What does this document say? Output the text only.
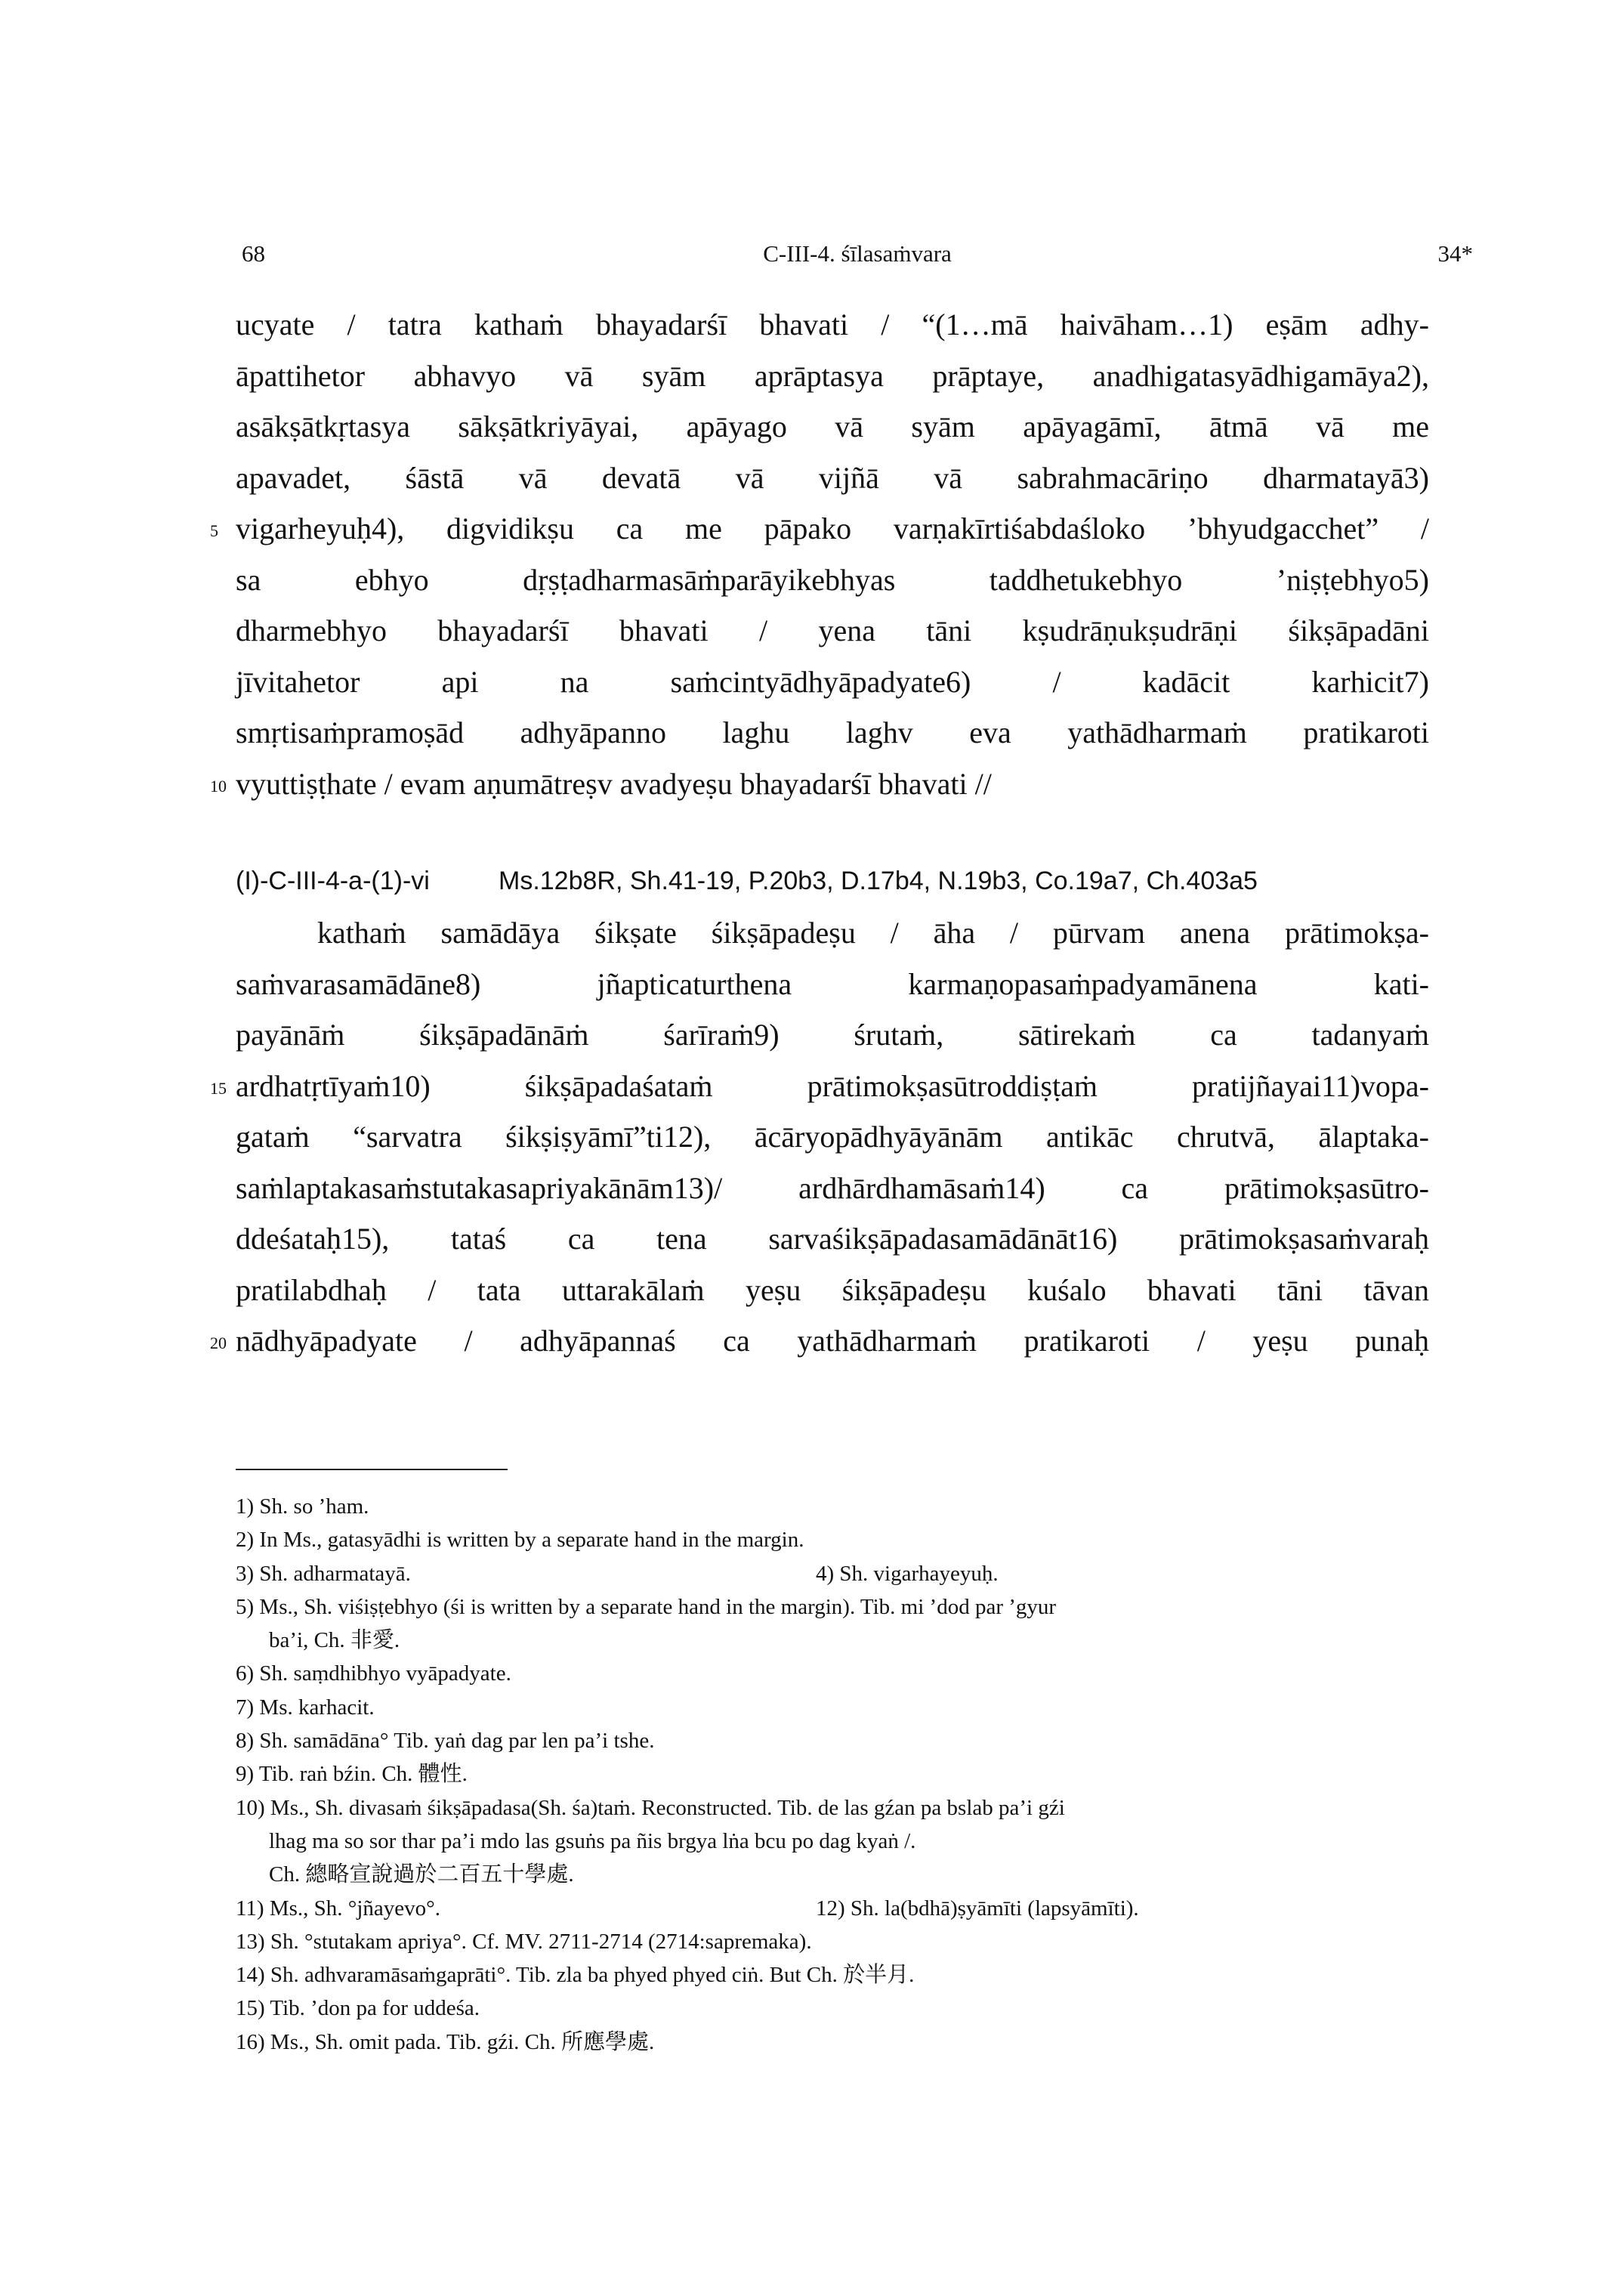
68	C-III-4. śīlasaṁvara	34*
ucyate / tatra kathaṁ bhayadarśī bhavati / “(1…mā haivāham…1) eṣām adhy-
āpattihetor abhavyo vā syām aprāptasya prāptaye, anadhigatasyādhigamāya2),
asākṣātkṛtasya sākṣātkriyāyai, apāyago vā syām apāyagāmī, ātmā vā me
apavadet, śāstā vā devatā vā vijñā vā sabrahmacāriṇo dharmatayā3)
5 vigarheyuḥ4), digvidikṣu ca me pāpako varṇakīrtiśabdaśloko ’bhyudgacchet” /
sa ebhyo dṛṣṭadharmasāṁparāyikebhyas taddhetukebhyo ’niṣṭebhyo5)
dharmebhyo bhayadarśī bhavati / yena tāni kṣudrāṇukṣudrāṇi śikṣāpadāni
jīvitahetor api na saṁcintyādhyāpadyate6) / kadācit karhicit7)
smṛtisaṁpramoṣād adhyāpanno laghu laghv eva yathādharmaṁ pratikaroti
10 vyuttiṣṭhate / evam aṇumātreṣv avadyeṣu bhayadarśī bhavati //
(I)-C-III-4-a-(1)-vi	Ms.12b8R, Sh.41-19, P.20b3, D.17b4, N.19b3, Co.19a7, Ch.403a5
kathaṁ samādāya śikṣate śikṣāpadeṣu / āha / pūrvam anena prātimokṣa-
saṁvarasamādāne8) jñapticaturthena karmaṇopasaṁpadyamānena kati-
payānāṁ śikṣāpadānāṁ śarīraṁ9) śrutaṁ, sātirekaṁ ca tadanyaṁ
15 ardhatṛtīyaṁ10) śikṣāpadaśataṁ prātimokṣasūtroddiṣṭaṁ pratijñayai11)vopa-
gataṁ “sarvatra śikṣiṣyāmī”ti12), ācāryopādhyāyānām antikāc chrutvā, ālaptaka-
saṁlaptakasaṁstutakasapriyakānām13)/ ardhārdhamāsaṁ14) ca prātimokṣasūtro-
ddeśataḥ15), tataś ca tena sarvaśikṣāpadasamādānāt16) prātimokṣasaṁvaraḥ
pratilabdhaḥ / tata uttarakālaṁ yeṣu śikṣāpadeṣu kuśalo bhavati tāni tāvan
20 nādhyāpadyate / adhyāpannaś ca yathādharmaṁ pratikaroti / yeṣu punaḥ
1) Sh. so ’ham.
2) In Ms., gatasyādhi is written by a separate hand in the margin.
3) Sh. adharmatayā.	4) Sh. vigarhayeyuḥ.
5) Ms., Sh. viśiṣṭebhyo (śi is written by a separate hand in the margin). Tib. mi ’dod par ’gyur
ba’i, Ch. 非愛.
6) Sh. saṃdhibhyo vyāpadyate.
7) Ms. karhacit.
8) Sh. samādāna° Tib. yaṅ dag par len pa’i tshe.
9) Tib. raṅ bźin. Ch. 體性.
10) Ms., Sh. divasaṁ śikṣāpadasa(Sh. śa)taṁ. Reconstructed. Tib. de las gźan pa bslab pa’i gźi
lhag ma so sor thar pa’i mdo las gsuṅs pa ñis brgya lṅa bcu po dag kyaṅ /.
Ch. 總略宣說過於二百五十學處.
11) Ms., Sh. °jñayevo°.	12) Sh. la(bdhā)ṣyāmīti (lapsyāmīti).
13) Sh. °stutakam apriya°. Cf. MV. 2711-2714 (2714:sapremaka).
14) Sh. adhvaramāsaṁgaprāti°. Tib. zla ba phyed phyed ciṅ. But Ch. 於半月.
15) Tib. ’don pa for uddeśa.
16) Ms., Sh. omit pada. Tib. gźi. Ch. 所應學處.
